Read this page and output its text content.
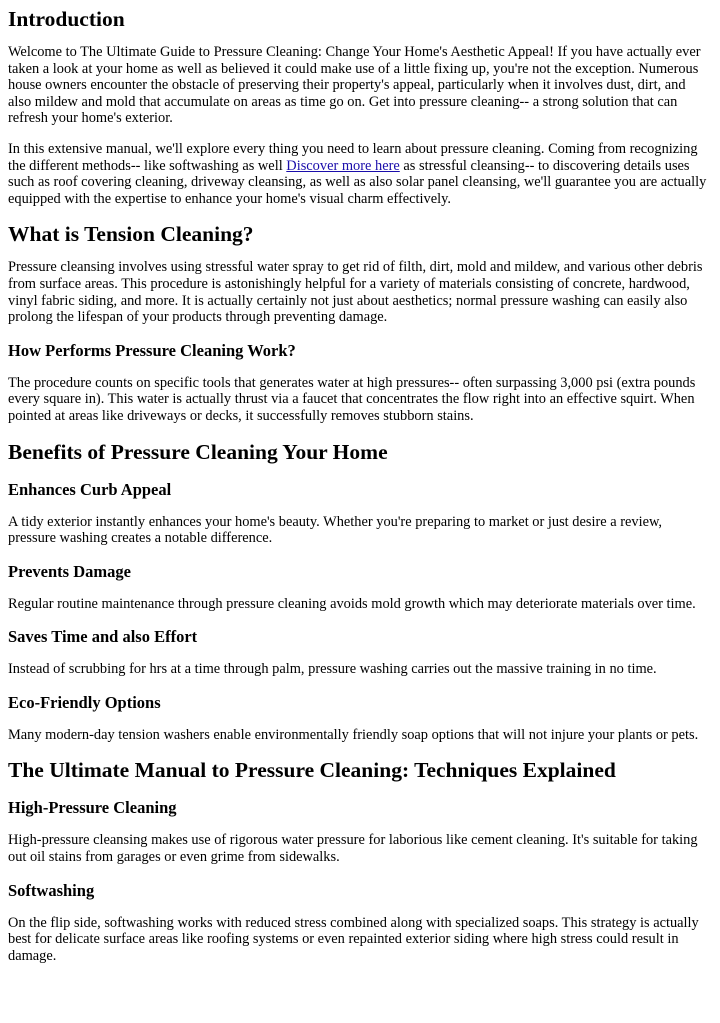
Introduction

Welcome to The Ultimate Guide to Pressure Cleaning: Change Your Home's Aesthetic Appeal! If you have actually ever taken a look at your home as well as believed it could make use of a little fixing up, you're not the exception. Numerous house owners encounter the obstacle of preserving their property's appeal, particularly when it involves dust, dirt, and also mildew and mold that accumulate on areas as time go on. Get into pressure cleaning-- a strong solution that can refresh your home's exterior.

In this extensive manual, we'll explore every thing you need to learn about pressure cleaning. Coming from recognizing the different methods-- like softwashing as well Discover more here as stressful cleansing-- to discovering details uses such as roof covering cleaning, driveway cleansing, as well as also solar panel cleansing, we'll guarantee you are actually equipped with the expertise to enhance your home's visual charm effectively.

What is Tension Cleaning?

Pressure cleansing involves using stressful water spray to get rid of filth, dirt, mold and mildew, and various other debris from surface areas. This procedure is astonishingly helpful for a variety of materials consisting of concrete, hardwood, vinyl fabric siding, and more. It is actually certainly not just about aesthetics; normal pressure washing can easily also prolong the lifespan of your products through preventing damage.

How Performs Pressure Cleaning Work?

The procedure counts on specific tools that generates water at high pressures-- often surpassing 3,000 psi (extra pounds every square in). This water is actually thrust via a faucet that concentrates the flow right into an effective squirt. When pointed at areas like driveways or decks, it successfully removes stubborn stains.

Benefits of Pressure Cleaning Your Home
Enhances Curb Appeal

A tidy exterior instantly enhances your home's beauty. Whether you're preparing to market or just desire a review, pressure washing creates a notable difference.

Prevents Damage

Regular routine maintenance through pressure cleaning avoids mold growth which may deteriorate materials over time.

Saves Time and also Effort

Instead of scrubbing for hrs at a time through palm, pressure washing carries out the massive training in no time.

Eco-Friendly Options

Many modern-day tension washers enable environmentally friendly soap options that will not injure your plants or pets.

The Ultimate Manual to Pressure Cleaning: Techniques Explained
High-Pressure Cleaning

High-pressure cleansing makes use of rigorous water pressure for laborious like cement cleaning. It's suitable for taking out oil stains from garages or even grime from sidewalks.

Softwashing

On the flip side, softwashing works with reduced stress combined along with specialized soaps. This strategy is actually best for delicate surface areas like roofing systems or even repainted exterior siding where high stress could result in damage.
